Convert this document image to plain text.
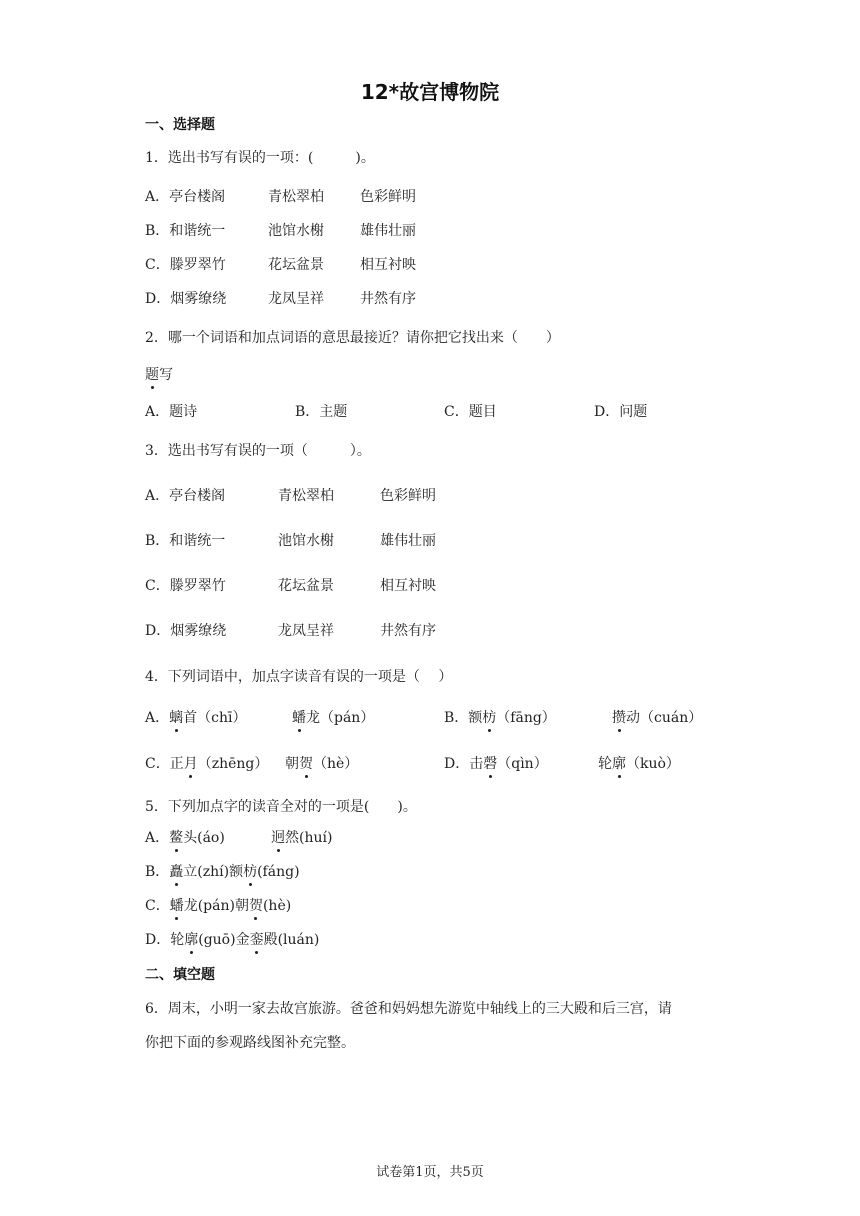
12*故宫博物院
一、选择题
1．选出书写有误的一项：(　　　)。
A．亭台楼阁	青松翠柏	色彩鲜明
B．和谐统一	池馆水榭	雄伟壮丽
C．滕罗翠竹	花坛盆景	相互衬映
D．烟雾缭绕	龙凤呈祥	井然有序
2．哪一个词语和加点词语的意思最接近？请你把它找出来（　　）
题写
A．题诗	B．主题	C．题目	D．问题
3．选出书写有误的一项（　　　）。
A．亭台楼阁	青松翠柏	色彩鲜明
B．和谐统一	池馆水榭	雄伟壮丽
C．滕罗翠竹	花坛盆景	相互衬映
D．烟雾缭绕	龙凤呈祥	井然有序
4．下列词语中，加点字读音有误的一项是（　 ）
A．螭首（chī）	蟠龙（pán）	B．额枋（fāng）	攒动（cuán）
C．正月（zhēng） 朝贺（hè）	D．击磬（qìn）	轮廓（kuò）
5．下列加点字的读音全对的一项是(　　)。
A．鳌头(áo)	迥然(huí)
B．矗立(zhí)额枋(fáng)
C．蟠龙(pán)朝贺(hè)
D．轮廓(guō)金銮殿(luán)
二、填空题
6．周末，小明一家去故宫旅游。爸爸和妈妈想先游览中轴线上的三大殿和后三宫，请
你把下面的参观路线图补充完整。
试卷第1页，共5页
